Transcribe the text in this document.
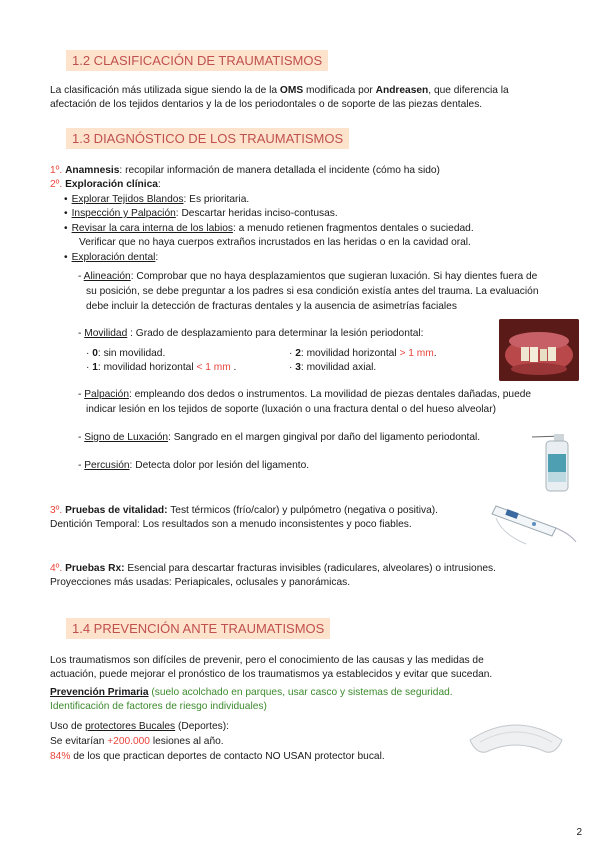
1.2 CLASIFICACIÓN DE TRAUMATISMOS
La clasificación más utilizada sigue siendo la de la OMS modificada por Andreasen, que diferencia la
afectación de los tejidos dentarios y la de los periodontales o de soporte de las piezas dentales.
1.3 DIAGNÓSTICO DE LOS TRAUMATISMOS
1º. Anamnesis: recopilar información de manera detallada el incidente (cómo ha sido)
2º. Exploración clínica:
• Explorar Tejidos Blandos: Es prioritaria.
• Inspección y Palpación: Descartar heridas inciso-contusas.
• Revisar la cara interna de los labios: a menudo retienen fragmentos dentales o suciedad.
Verificar que no haya cuerpos extraños incrustados en las heridas o en la cavidad oral.
• Exploración dental:
- Alineación: Comprobar que no haya desplazamientos que sugieran luxación. Si hay dientes fuera de
su posición, se debe preguntar a los padres si esa condición existía antes del trauma. La evaluación
debe incluir la detección de fracturas dentales y la ausencia de asimetrías faciales
- Movilidad : Grado de desplazamiento para determinar la lesión periodontal:
· 0: sin movilidad.
· 1: movilidad horizontal < 1 mm .
· 2: movilidad horizontal > 1 mm.
· 3: movilidad axial.
- Palpación: empleando dos dedos o instrumentos. La movilidad de piezas dentales dañadas, puede
indicar lesión en los tejidos de soporte (luxación o una fractura dental o del hueso alveolar)
- Signo de Luxación: Sangrado en el margen gingival por daño del ligamento periodontal.
- Percusión: Detecta dolor por lesión del ligamento.
3º. Pruebas de vitalidad: Test térmicos (frío/calor) y pulpómetro (negativa o positiva).
Dentición Temporal: Los resultados son a menudo inconsistentes y poco fiables.
4º. Pruebas Rx: Esencial para descartar fracturas invisibles (radiculares, alveolares) o intrusiones.
Proyecciones más usadas: Periapicales, oclusales y panorámicas.
1.4 PREVENCIÓN ANTE TRAUMATISMOS
Los traumatismos son difíciles de prevenir, pero el conocimiento de las causas y las medidas de
actuación, puede mejorar el pronóstico de los traumatismos ya establecidos y evitar que sucedan.
Prevención Primaria (suelo acolchado en parques, usar casco y sistemas de seguridad.
Identificación de factores de riesgo individuales)
Uso de protectores Bucales (Deportes):
Se evitarían +200.000 lesiones al año.
84% de los que practican deportes de contacto NO USAN protector bucal.
2
